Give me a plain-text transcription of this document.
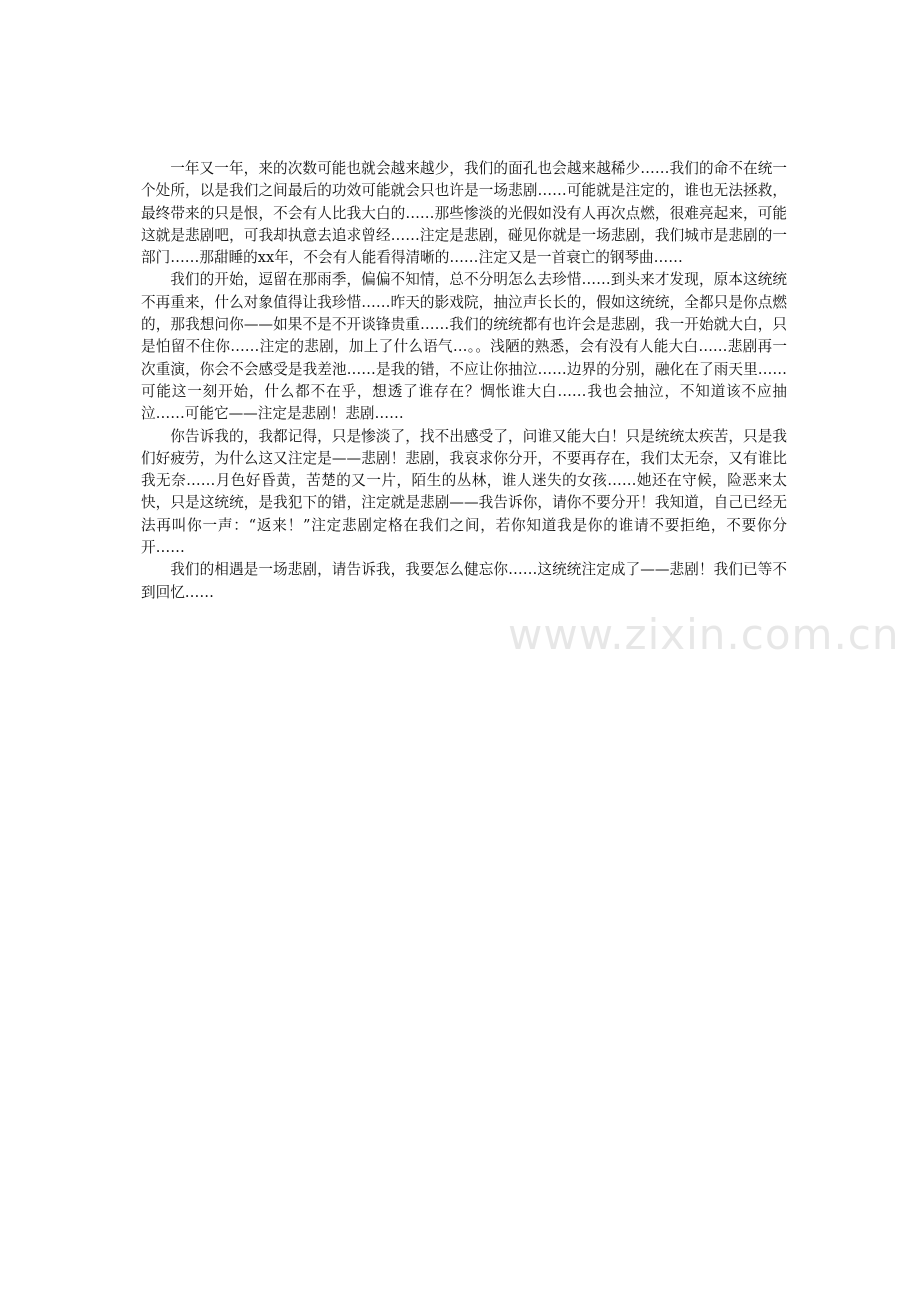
一年又一年，来的次数可能也就会越来越少，我们的面孔也会越来越稀少……我们的命不在统一个处所，以是我们之间最后的功效可能就会只也许是一场悲剧……可能就是注定的，谁也无法拯救，最终带来的只是恨，不会有人比我大白的……那些惨淡的光假如没有人再次点燃，很难亮起来，可能这就是悲剧吧，可我却执意去追求曾经……注定是悲剧，碰见你就是一场悲剧，我们城市是悲剧的一部门……那甜睡的xx年，不会有人能看得清晰的……注定又是一首衰亡的钢琴曲……

我们的开始，逗留在那雨季，偏偏不知情，总不分明怎么去珍惜……到头来才发现，原本这统统不再重来，什么对象值得让我珍惜……昨天的影戏院，抽泣声长长的，假如这统统，全都只是你点燃的，那我想问你——如果不是不开谈锋贵重……我们的统统都有也许会是悲剧，我一开始就大白，只是怕留不住你……注定的悲剧，加上了什么语气…。。浅陋的熟悉，会有没有人能大白……悲剧再一次重演，你会不会感受是我差池……是我的错，不应让你抽泣……边界的分别，融化在了雨天里……可能这一刻开始，什么都不在乎，想透了谁存在？惆怅谁大白……我也会抽泣，不知道该不应抽泣……可能它——注定是悲剧！悲剧……

你告诉我的，我都记得，只是惨淡了，找不出感受了，问谁又能大白！只是统统太疾苦，只是我们好疲劳，为什么这又注定是——悲剧！悲剧，我哀求你分开，不要再存在，我们太无奈，又有谁比我无奈……月色好昏黄，苦楚的又一片，陌生的丛林，谁人迷失的女孩……她还在守候，险恶来太快，只是这统统，是我犯下的错，注定就是悲剧——我告诉你，请你不要分开！我知道，自己已经无法再叫你一声：“返来！”注定悲剧定格在我们之间，若你知道我是你的谁请不要拒绝，不要你分开……

我们的相遇是一场悲剧，请告诉我，我要怎么健忘你……这统统注定成了——悲剧！我们已等不到回忆……

www.zixin.com.cn
